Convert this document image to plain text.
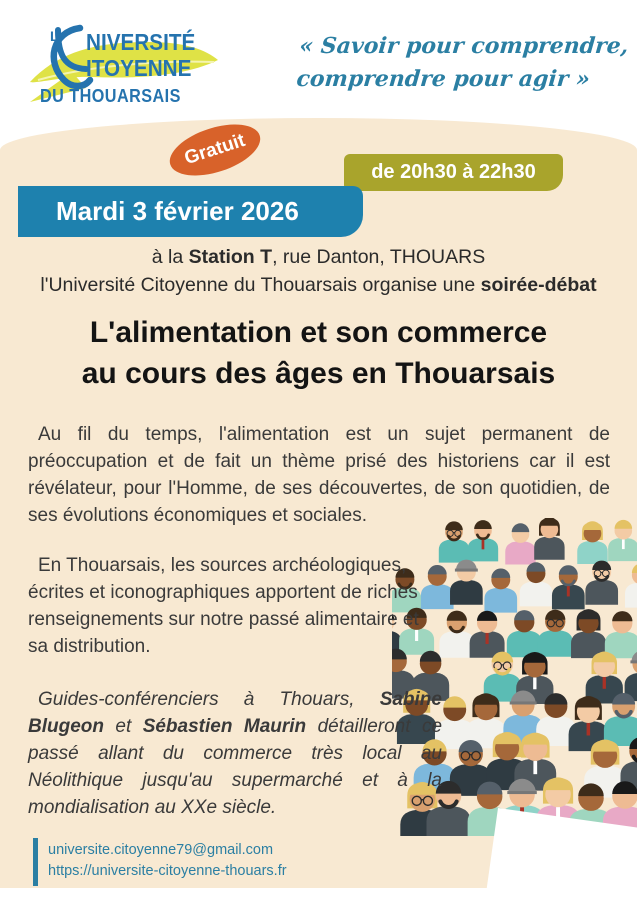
L' NIVERSITÉ
ITOYENNE
DU THOUARSAIS
« Savoir pour comprendre,
comprendre pour agir »
Gratuit
de 20h30 à 22h30
Mardi 3 février 2026
à la Station T, rue Danton, THOUARS
l'Université Citoyenne du Thouarsais organise une soirée-débat
L'alimentation et son commerce
au cours des âges en Thouarsais
Au fil du temps, l'alimentation est un sujet permanent de préoccupation et de fait un thème prisé des historiens car il est révélateur, pour l'Homme, de ses découvertes, de son quotidien, de ses évolutions économiques et sociales.
En Thouarsais, les sources archéologiques, écrites et iconographiques apportent de riches renseignements sur notre passé alimentaire et sa distribution.
Guides-conférenciers à Thouars, Sabine Blugeon et Sébastien Maurin détailleront ce passé allant du commerce très local au Néolithique jusqu'au supermarché et à la mondialisation au XXe siècle.
universite.citoyenne79@gmail.com
https://universite-citoyenne-thouars.fr
